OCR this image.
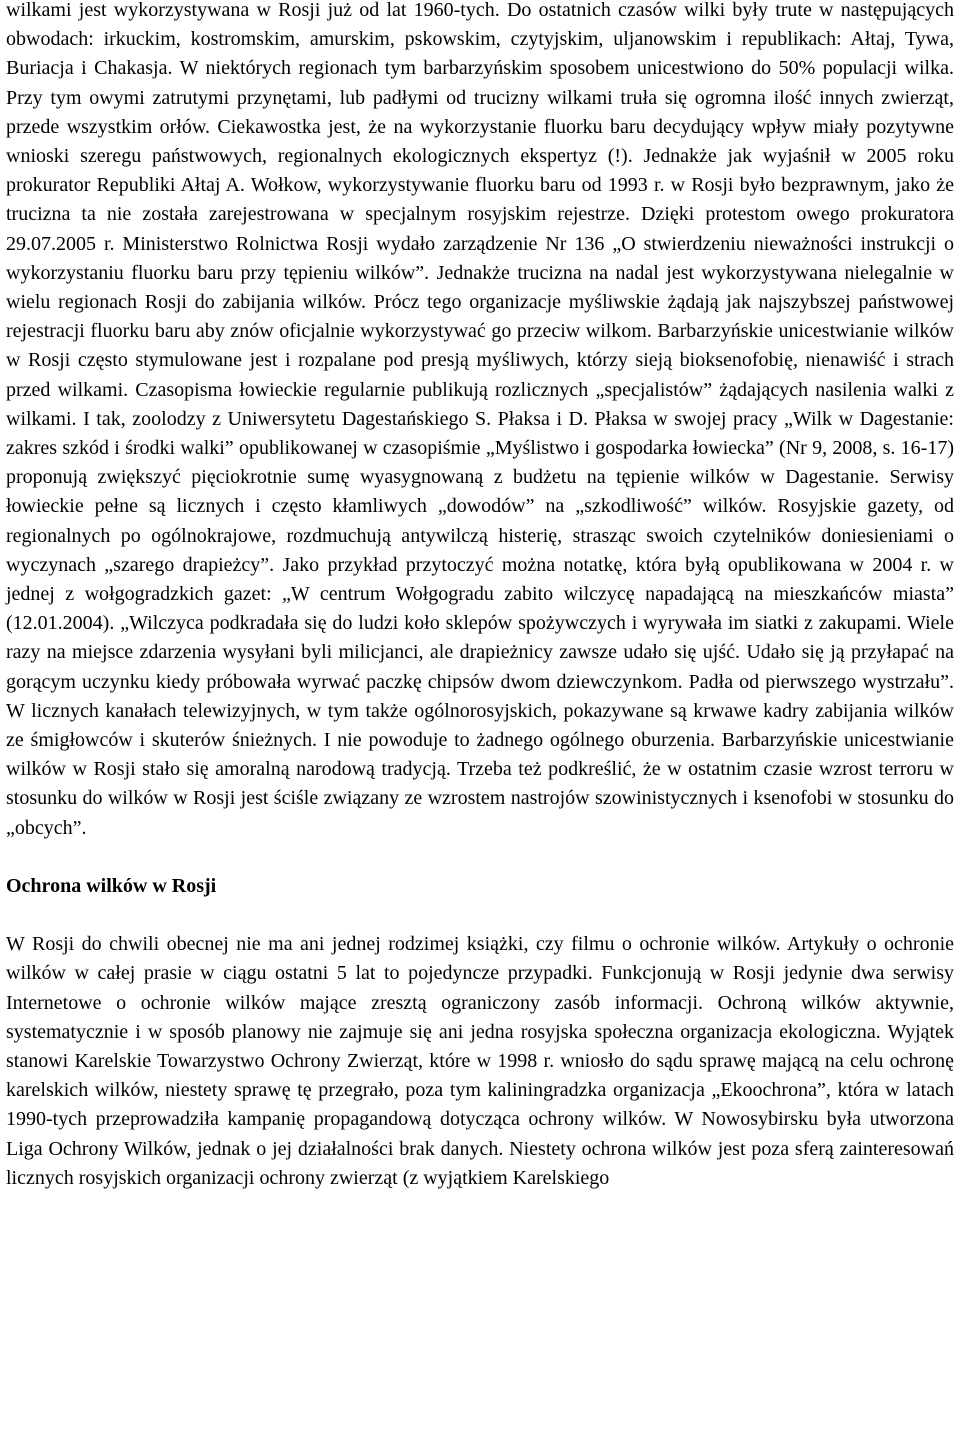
wilkami jest wykorzystywana w Rosji już od lat 1960-tych. Do ostatnich czasów wilki były trute w następujących obwodach: irkuckim, kostromskim, amurskim, pskowskim, czytyjskim, uljanowskim i republikach: Ałtaj, Tywa, Buriacja i Chakasja. W niektórych regionach tym barbarzyńskim sposobem unicestwiono do 50% populacji wilka. Przy tym owymi zatrutymi przynętami, lub padłymi od trucizny wilkami truła się ogromna ilość innych zwierząt, przede wszystkim orłów. Ciekawostka jest, że na wykorzystanie fluorku baru decydujący wpływ miały pozytywne wnioski szeregu państwowych, regionalnych ekologicznych ekspertyz (!). Jednakże jak wyjaśnił w 2005 roku prokurator Republiki Ałtaj A. Wołkow, wykorzystywanie fluorku baru od 1993 r. w Rosji było bezprawnym, jako że trucizna ta nie została zarejestrowana w specjalnym rosyjskim rejestrze. Dzięki protestom owego prokuratora 29.07.2005 r. Ministerstwo Rolnictwa Rosji wydało zarządzenie Nr 136 „O stwierdzeniu nieważności instrukcji o wykorzystaniu fluorku baru przy tępieniu wilków”. Jednakże trucizna na nadal jest wykorzystywana nielegalnie w wielu regionach Rosji do zabijania wilków. Prócz tego organizacje myśliwskie żądają jak najszybszej państwowej rejestracji fluorku baru aby znów oficjalnie wykorzystywać go przeciw wilkom. Barbarzyńskie unicestwianie wilków w Rosji często stymulowane jest i rozpalane pod presją myśliwych, którzy sieją bioksenofobię, nienawiść i strach przed wilkami. Czasopisma łowieckie regularnie publikują rozlicznych „specjalistów” żądających nasilenia walki z wilkami. I tak, zoolodzy z Uniwersytetu Dagestańskiego S. Płaksa i D. Płaksa w swojej pracy „Wilk w Dagestanie: zakres szkód i środki walki” opublikowanej w czasopiśmie „Myślistwo i gospodarka łowiecka” (Nr 9, 2008, s. 16-17) proponują zwiększyć pięciokrotnie sumę wyasygnowaną z budżetu na tępienie wilków w Dagestanie. Serwisy łowieckie pełne są licznych i często kłamliwych „dowodów” na „szkodliwość” wilków. Rosyjskie gazety, od regionalnych po ogólnokrajowe, rozdmuchują antywilczą histerię, strasząc swoich czytelników doniesieniami o wyczynach „szarego drapieżcy”. Jako przykład przytoczyć można notatkę, która byłą opublikowana w 2004 r. w jednej z wołgogradzkich gazet: „W centrum Wołgogradu zabito wilczycę napadającą na mieszkańców miasta” (12.01.2004). „Wilczyca podkradała się do ludzi koło sklepów spożywczych i wyrywała im siatki z zakupami. Wiele razy na miejsce zdarzenia wysyłani byli milicjanci, ale drapieżnicy zawsze udało się ujść. Udało się ją przyłapać na gorącym uczynku kiedy próbowała wyrwać paczkę chipsów dwom dziewczynkom. Padła od pierwszego wystrzału”. W licznych kanałach telewizyjnych, w tym także ogólnorosyjskich, pokazywane są krwawe kadry zabijania wilków ze śmigłowców i skuterów śnieżnych. I nie powoduje to żadnego ogólnego oburzenia. Barbarzyńskie unicestwianie wilków w Rosji stało się amoralną narodową tradycją. Trzeba też podkreślić, że w ostatnim czasie wzrost terroru w stosunku do wilków w Rosji jest ściśle związany ze wzrostem nastrojów szowinistycznych i ksenofobi w stosunku do „obcych”.

Ochrona wilków w Rosji

W Rosji do chwili obecnej nie ma ani jednej rodzimej książki, czy filmu o ochronie wilków. Artykuły o ochronie wilków w całej prasie w ciągu ostatni 5 lat to pojedyncze przypadki. Funkcjonują w Rosji jedynie dwa serwisy Internetowe o ochronie wilków mające zresztą ograniczony zasób informacji. Ochroną wilków aktywnie, systematycznie i w sposób planowy nie zajmuje się ani jedna rosyjska społeczna organizacja ekologiczna. Wyjątek stanowi Karelskie Towarzystwo Ochrony Zwierząt, które w 1998 r. wniosło do sądu sprawę mającą na celu ochronę karelskich wilków, niestety sprawę tę przegrało, poza tym kaliningradzka organizacja „Ekoochrona”, która w latach 1990-tych przeprowadziła kampanię propagandową dotycząca ochrony wilków. W Nowosybirsku była utworzona Liga Ochrony Wilków, jednak o jej działalności brak danych. Niestety ochrona wilków jest poza sferą zainteresowań licznych rosyjskich organizacji ochrony zwierząt (z wyjątkiem Karelskiego
